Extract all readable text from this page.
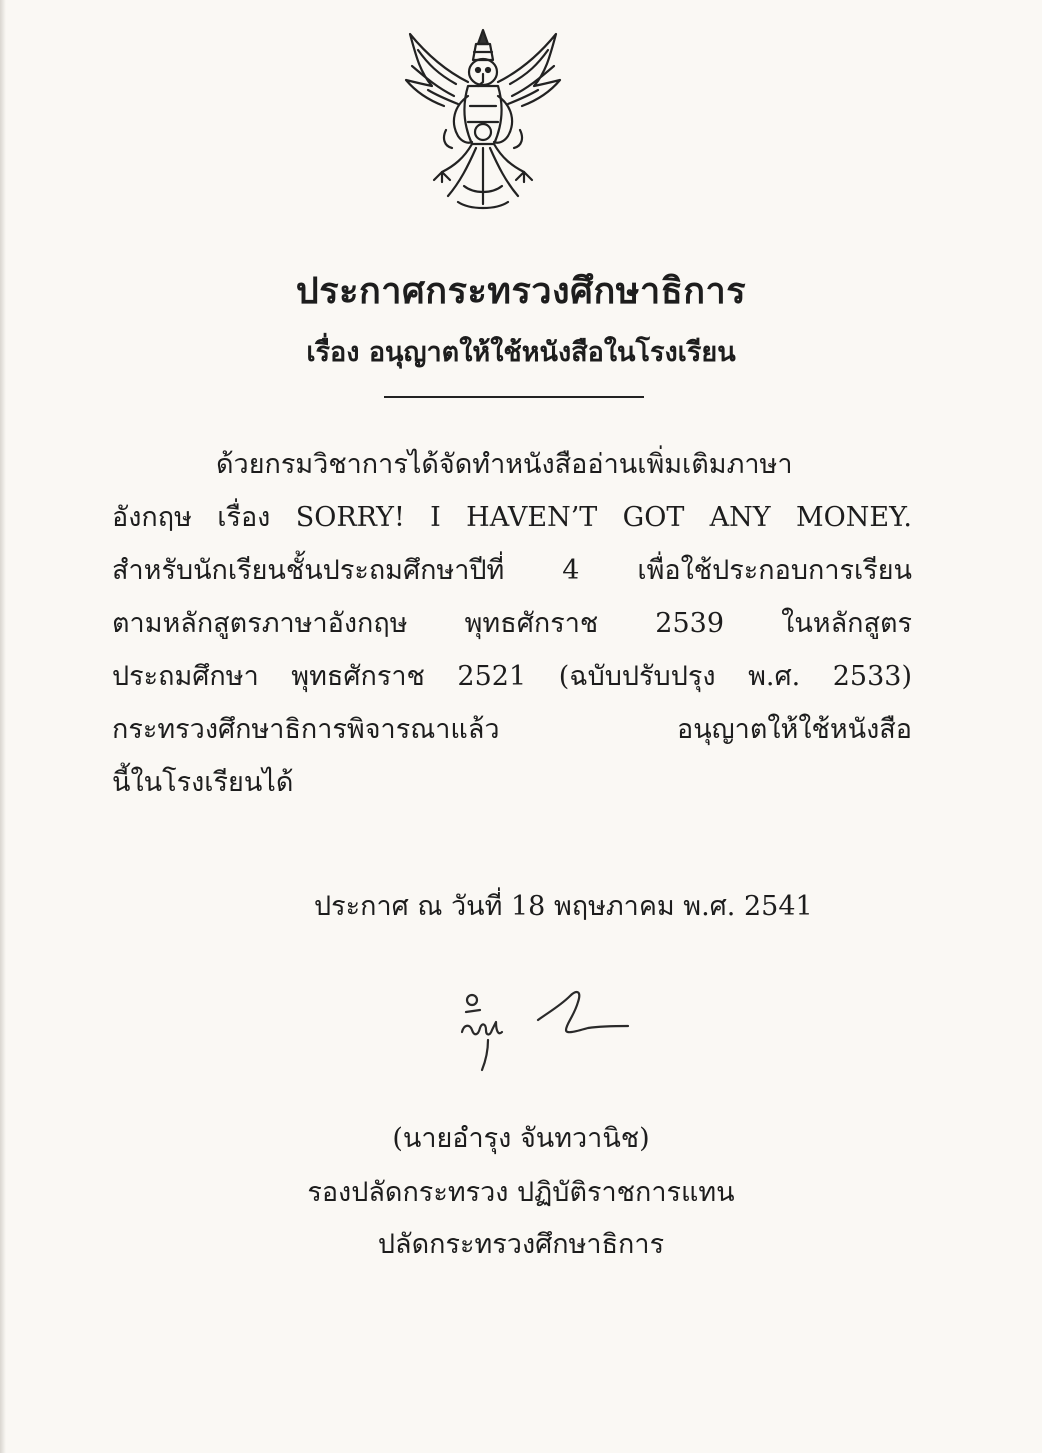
ประกาศกระทรวงศึกษาธิการ
เรื่อง อนุญาตให้ใช้หนังสือในโรงเรียน
ด้วยกรมวิชาการได้จัดทำหนังสืออ่านเพิ่มเติมภาษา
อังกฤษ เรื่อง SORRY! I HAVEN’T GOT ANY MONEY.
สำหรับนักเรียนชั้นประถมศึกษาปีที่ 4 เพื่อใช้ประกอบการเรียน
ตามหลักสูตรภาษาอังกฤษ พุทธศักราช 2539 ในหลักสูตร
ประถมศึกษา พุทธศักราช 2521 (ฉบับปรับปรุง พ.ศ. 2533)
กระทรวงศึกษาธิการพิจารณาแล้ว อนุญาตให้ใช้หนังสือ
นี้ในโรงเรียนได้
ประกาศ ณ วันที่ 18 พฤษภาคม พ.ศ. 2541
(นายอำรุง จันทวานิช)
รองปลัดกระทรวง ปฏิบัติราชการแทน
ปลัดกระทรวงศึกษาธิการ
